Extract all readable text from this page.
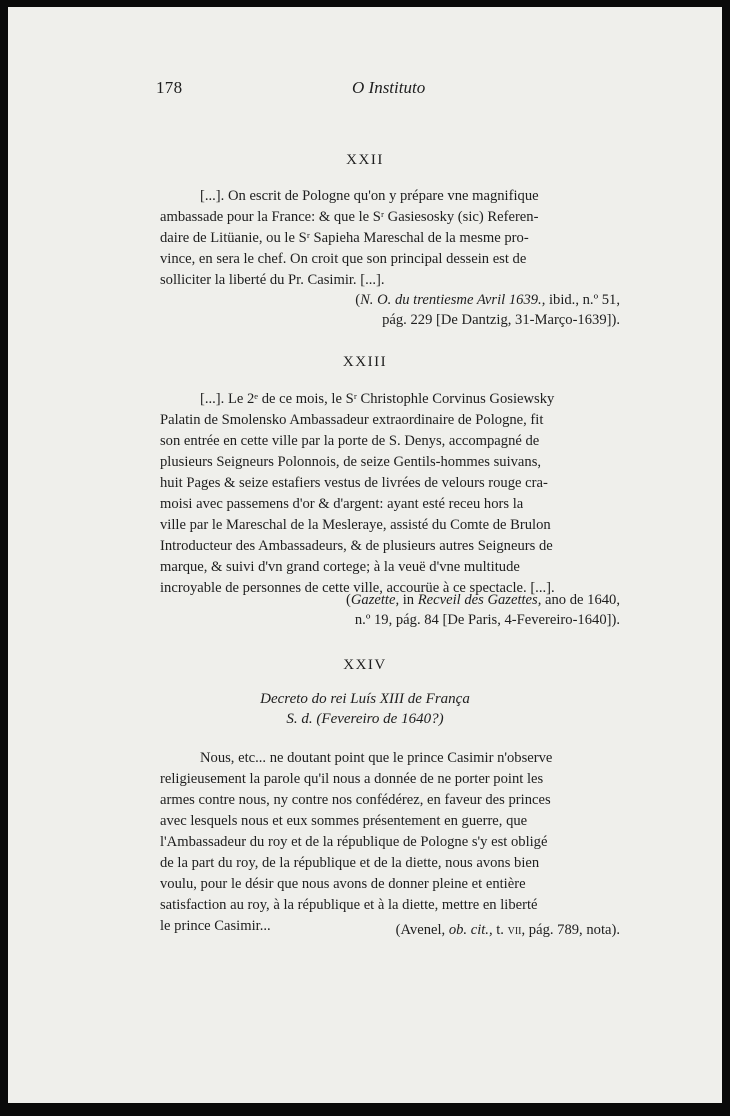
178	O Instituto
XXII
[...]. On escrit de Pologne qu'on y prépare vne magnifique
ambassade pour la France: & que le Sʳ Gasiesosky (sic) Referen-
daire de Litüanie, ou le Sʳ Sapieha Mareschal de la mesme pro-
vince, en sera le chef. On croit que son principal dessein est de
solliciter la liberté du Pr. Casimir. [...].
(N. O. du trentiesme Avril 1639., ibid., n.º 51,
pág. 229 [De Dantzig, 31-Março-1639]).
XXIII
[...]. Le 2ᵉ de ce mois, le Sʳ Christophle Corvinus Gosiewsky
Palatin de Smolensko Ambassadeur extraordinaire de Pologne, fit
son entrée en cette ville par la porte de S. Denys, accompagné de
plusieurs Seigneurs Polonnois, de seize Gentils-hommes suivans,
huit Pages & seize estafiers vestus de livrées de velours rouge cra-
moisi avec passemens d'or & d'argent: ayant esté receu hors la
ville par le Mareschal de la Mesleraye, assisté du Comte de Brulon
Introducteur des Ambassadeurs, & de plusieurs autres Seigneurs de
marque, & suivi d'vn grand cortege; à la veuë d'vne multitude
incroyable de personnes de cette ville, accourüe à ce spectacle. [...].
(Gazette, in Recveil des Gazettes, ano de 1640,
n.º 19, pág. 84 [De Paris, 4-Fevereiro-1640]).
XXIV
Decreto do rei Luís XIII de França
S. d. (Fevereiro de 1640?)
Nous, etc... ne doutant point que le prince Casimir n'observe
religieusement la parole qu'il nous a donnée de ne porter point les
armes contre nous, ny contre nos confédérez, en faveur des princes
avec lesquels nous et eux sommes présentement en guerre, que
l'Ambassadeur du roy et de la république de Pologne s'y est obligé
de la part du roy, de la république et de la diette, nous avons bien
voulu, pour le désir que nous avons de donner pleine et entière
satisfaction au roy, à la république et à la diette, mettre en liberté
le prince Casimir...	(Avenel, ob. cit., t. vii, pág. 789, nota).
